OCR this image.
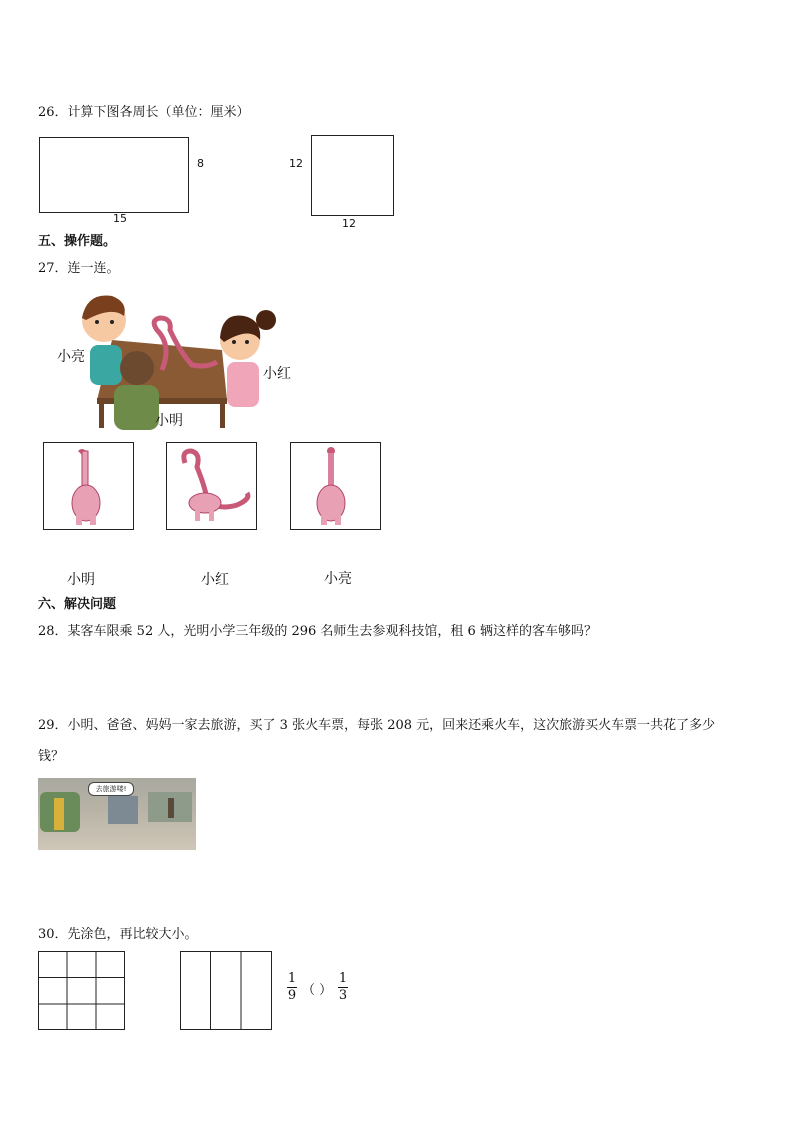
26．计算下图各周长（单位：厘米）
8
15
12
12
五、操作题。
27．连一连。
小亮
小红
小明
小明	小红	小亮
六、解决问题
28．某客车限乘 52 人，光明小学三年级的 296 名师生去参观科技馆，租 6 辆这样的客车够吗？
29．小明、爸爸、妈妈一家去旅游，买了 3 张火车票，每张 208 元，回来还乘火车，这次旅游买火车票一共花了多少
钱？
去旅游喽!
30．先涂色，再比较大小。
1
9 （ ）
1
3
